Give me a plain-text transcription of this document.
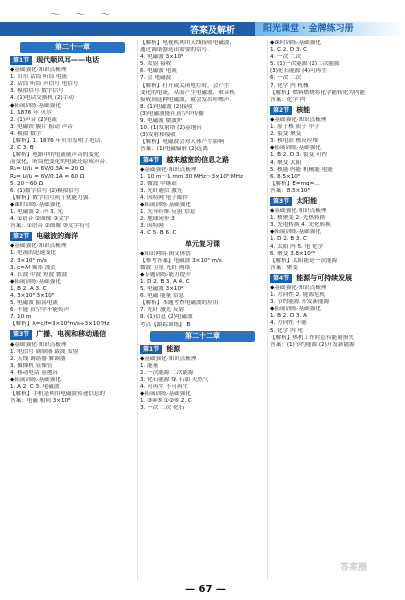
〜 〜 〜
答案及解析	阳光课堂 · 金牌练习册
第二十一章
第1节	现代顺风耳——电话
◆基础强化·知识点梳理
1. 贝尔 话筒 听筒 电流
2. 话筒 听筒 声信号 电信号
3. 模拟信号 数字信号
4. (1)电话交换机 (2)手动
◆拓展训练·基础强化
1. 1876 年 贝尔
2. (1)声音 (2)电流
3. 电磁铁 膜片 振动 声音
4. 模拟 数字
【解析】1. 1876 年贝尔发明了电话.
2. C 3. B
【解析】电路中的电流随声音的变化
而变化，听筒把变化的电流还原成声音.
R₁= U/I₁ = 6V/0.3A = 20 Ω
R₂= U/I₂ = 6V/0.1A = 60 Ω
5. 20～60 Ω
6. (1)数字信号 (2)模拟信号
【解析】数字信号抗干扰能力强.
◆课时训练·基础强化
1. 电磁波 2. 声 3. 光
4. ①语音 ②图像 ③文字
答案：①语音 ②图像 ③文字符号
第2节	电磁波的海洋
◆基础强化·知识点梳理
1. 电流的迅速变化
2. 3×10⁸ m/s
3. c=λf 频率 波长
4. 长波 中波 短波 微波
◆拓展训练·基础强化
1. B 2. A 3. C
4. 3×10⁸ 3×10⁸
5. 电磁波 振荡电流
6. 不能 真空中不能传声
7. 10 m
【解析】λ=c/f=3×10⁸m/s÷3×10⁷Hz
第3节	广播、电视和移动通信
◆基础强化·知识点梳理
1. 电信号 调制器 载波 发射
2. 天线 调谐器 解调器
3. 摄像机 显像管
4. 移动电话 基地台
◆拓展训练·基础强化
1. A 2. C 3. 电磁波
【解析】手机是利用电磁波传递信息的
答案：电磁 相同 3×10⁸
【解析】电视机利用天线接收电磁波,
通过调谐器选出需要的信号.
4. 电磁波 3×10⁸
5. 发射 接收
6. 电磁波 电流
7. 会 电磁波
【解析】打开或关闭电灯时，会产生
变化的电流，从而产生电磁波，收音机
接收到这种电磁波，就会发出咔嚓声.
8. (1)电磁波 (2)接收
(3)电磁波能在真空中传播
9. 电磁波 微波炉
10. (1)发射塔 (2)基地台
(3)发射和接收
【解析】电磁波会对人体产生影响
答案：(1)电磁辐射 (2)远离
第4节	越来越宽的信息之路
◆基础强化·知识点梳理
1. 10 m～1 mm 30 MHz～3×10⁵ MHz
2. 微波 中继站
3. 光纤通信 激光
4. 因特网 电子邮件
◆拓展训练·基础强化
1. 光导纤维 反射 信息
2. 地球同步 3
3. 因特网
4. C 5. B 6. C
单元复习课
◆知识网络·图文体悟
【参考答案】电磁波 3×10⁸ m/s
微波 卫星 光纤 网络
◆专题训练·能力提升
1. D 2. B 3. A 4. C
5. 电磁波 3×10⁸
6. 电磁 能量 信息
【解析】本题考查电磁波的应用
7. 光纤 激光 反射
8. (1)信息 (2)电磁波
考点【跟踪训练】 B
第二十二章
第1节	能源
◆基础强化·知识点梳理
1. 能量
2. 一次能源 二次能源
3. 化石能源 煤 石油 天然气
4. 可再生 不可再生
◆拓展训练·基础强化
1. ③④⑤ ①②⑥ 2. C
3. 一次 二次 化石
◆课时训练·基础强化
1. C 2. D 3. C
4. 一次 二次
5. (1)一次能源 (2)二次能源
(3)化石能源 (4)可再生
6. 一次 二次
7. 化学 内 机械
【解析】燃料燃烧将化学能转化为内能
答案：化学 内
第2节	核能
◆基础强化·知识点梳理
1. 原子核 质子 中子
2. 裂变 聚变
3. 核电站 核反应堆
◆拓展训练·基础强化
1. B 2. D 3. 裂变 可控
4. 聚变 太阳
5. 核能 内能 机械能 电能
6. 8.5×10⁸
【解析】E=mq=…
答案：8.5×10⁸
第3节	太阳能
◆基础强化·知识点梳理
1. 核聚变 2. 光热转换
3. 光电转换 4. 光化转换
◆拓展训练·基础强化
1. D 2. B 3. C
4. 太阳 内 5. 电 化学
6. 聚变 3.8×10²⁶
【解析】太阳能是一次能源
答案：聚变
第4节	能源与可持续发展
◆基础强化·知识点梳理
1. 方向性 2. 能源危机
3. 节约能源 开发新能源
◆拓展训练·基础强化
1. B 2. D 3. A
4. 方向性 不能
5. 化学 内 电
【解析】热机工作时总有能量损失
答案：(1)节约能源 (2)开发新能源
— 67 —
答案圈
